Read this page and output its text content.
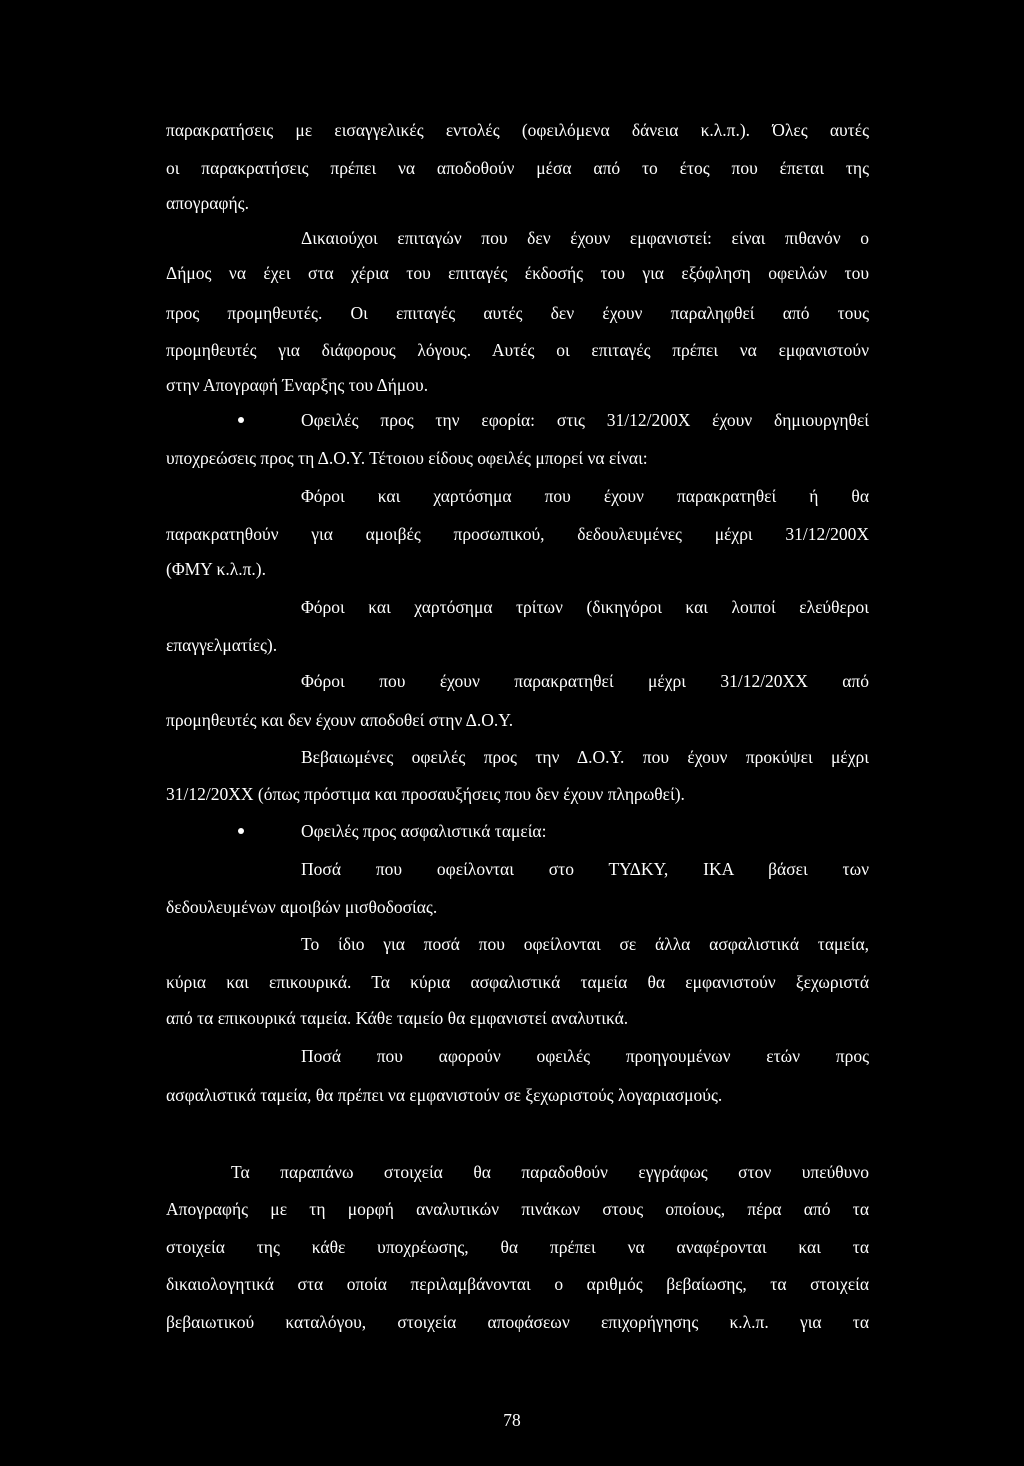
παρακρατήσεις με εισαγγελικές εντολές (οφειλόμενα δάνεια κ.λ.π.). Όλες αυτές
οι παρακρατήσεις πρέπει να αποδοθούν μέσα από το έτος που έπεται της
απογραφής.
Δικαιούχοι επιταγών που δεν έχουν εμφανιστεί: είναι πιθανόν ο
Δήμος να έχει στα χέρια του επιταγές έκδοσής του για εξόφληση οφειλών του
προς προμηθευτές. Οι επιταγές αυτές δεν έχουν παραληφθεί από τους
προμηθευτές για διάφορους λόγους. Αυτές οι επιταγές πρέπει να εμφανιστούν
στην Απογραφή Έναρξης του Δήμου.
Οφειλές προς την εφορία: στις 31/12/200Χ έχουν δημιουργηθεί
υποχρεώσεις προς τη Δ.Ο.Υ. Τέτοιου είδους οφειλές μπορεί να είναι:
Φόροι και χαρτόσημα που έχουν παρακρατηθεί ή θα
παρακρατηθούν για αμοιβές προσωπικού, δεδουλευμένες μέχρι 31/12/200Χ
(ΦΜΥ κ.λ.π.).
Φόροι και χαρτόσημα τρίτων (δικηγόροι και λοιποί ελεύθεροι
επαγγελματίες).
Φόροι που έχουν παρακρατηθεί μέχρι 31/12/20ΧΧ από
προμηθευτές και δεν έχουν αποδοθεί στην Δ.Ο.Υ.
Βεβαιωμένες οφειλές προς την Δ.Ο.Υ. που έχουν προκύψει μέχρι
31/12/20ΧΧ (όπως πρόστιμα και προσαυξήσεις που δεν έχουν πληρωθεί).
Οφειλές προς ασφαλιστικά ταμεία:
Ποσά που οφείλονται στο ΤΥΔΚΥ, ΙΚΑ βάσει των
δεδουλευμένων αμοιβών μισθοδοσίας.
Το ίδιο για ποσά που οφείλονται σε άλλα ασφαλιστικά ταμεία,
κύρια και επικουρικά. Τα κύρια ασφαλιστικά ταμεία θα εμφανιστούν ξεχωριστά
από τα επικουρικά ταμεία. Κάθε ταμείο θα εμφανιστεί αναλυτικά.
Ποσά που αφορούν οφειλές προηγουμένων ετών προς
ασφαλιστικά ταμεία, θα πρέπει να εμφανιστούν σε ξεχωριστούς λογαριασμούς.
Τα παραπάνω στοιχεία θα παραδοθούν εγγράφως στον υπεύθυνο
Απογραφής με τη μορφή αναλυτικών πινάκων στους οποίους, πέρα από τα
στοιχεία της κάθε υποχρέωσης, θα πρέπει να αναφέρονται και τα
δικαιολογητικά στα οποία περιλαμβάνονται ο αριθμός βεβαίωσης, τα στοιχεία
βεβαιωτικού καταλόγου, στοιχεία αποφάσεων επιχορήγησης κ.λ.π. για τα
78
